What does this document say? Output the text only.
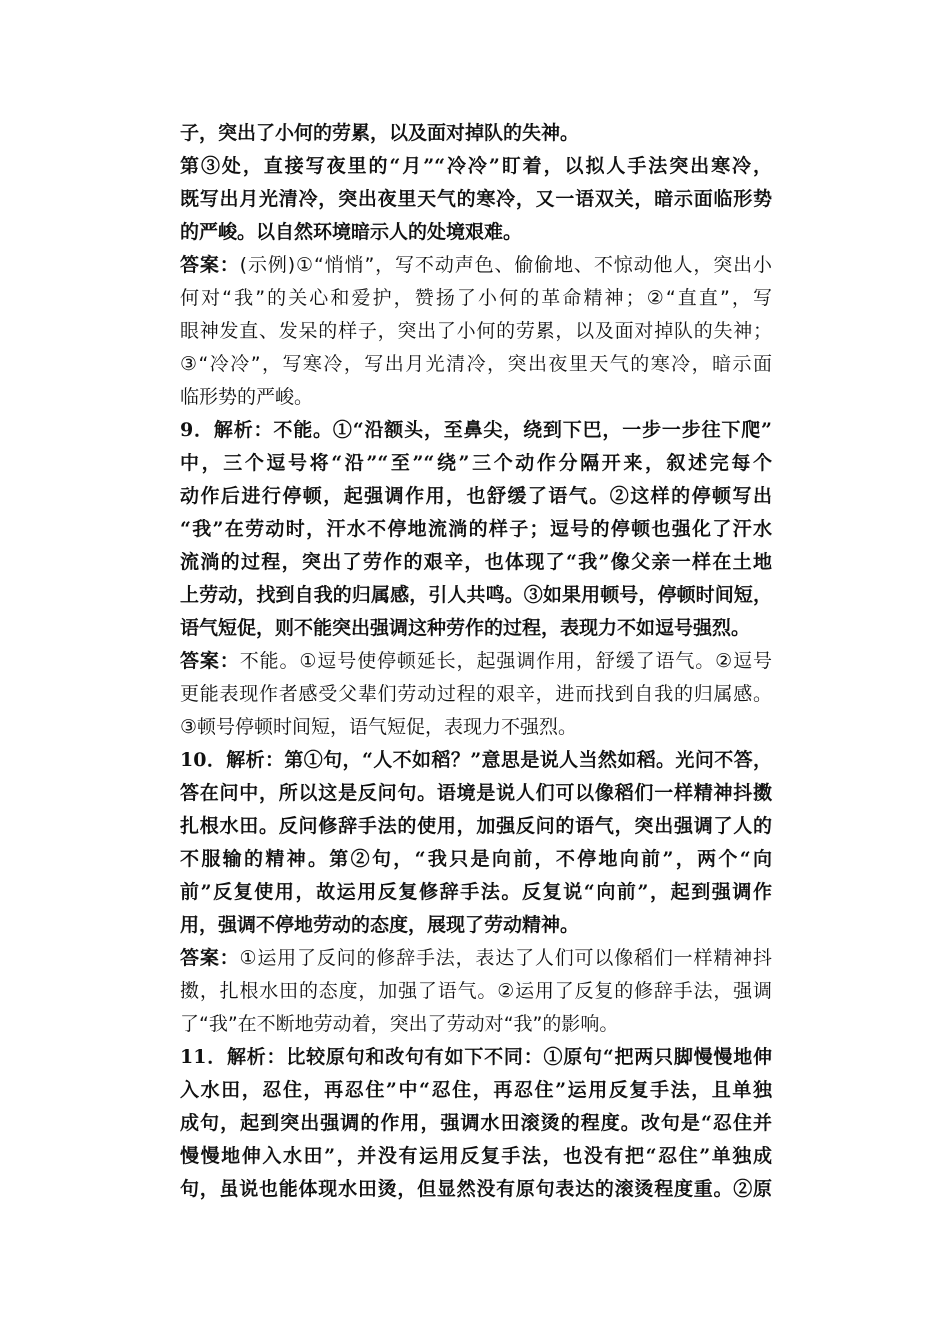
子，突出了小何的劳累，以及面对掉队的失神。
第③处，直接写夜里的“月”“冷冷”盯着，以拟人手法突出寒冷，
既写出月光清冷，突出夜里天气的寒冷，又一语双关，暗示面临形势
的严峻。以自然环境暗示人的处境艰难。
答案：(示例)①“悄悄”，写不动声色、偷偷地、不惊动他人，突出小
何对“我”的关心和爱护，赞扬了小何的革命精神；②“直直”，写
眼神发直、发呆的样子，突出了小何的劳累，以及面对掉队的失神；
③“冷冷”，写寒冷，写出月光清冷，突出夜里天气的寒冷，暗示面
临形势的严峻。
9．解析：不能。①“沿额头，至鼻尖，绕到下巴，一步一步往下爬”
中，三个逗号将“沿”“至”“绕”三个动作分隔开来，叙述完每个
动作后进行停顿，起强调作用，也舒缓了语气。②这样的停顿写出
“我”在劳动时，汗水不停地流淌的样子；逗号的停顿也强化了汗水
流淌的过程，突出了劳作的艰辛，也体现了“我”像父亲一样在土地
上劳动，找到自我的归属感，引人共鸣。③如果用顿号，停顿时间短，
语气短促，则不能突出强调这种劳作的过程，表现力不如逗号强烈。
答案：不能。①逗号使停顿延长，起强调作用，舒缓了语气。②逗号
更能表现作者感受父辈们劳动过程的艰辛，进而找到自我的归属感。
③顿号停顿时间短，语气短促，表现力不强烈。
10．解析：第①句，“人不如稻？”意思是说人当然如稻。光问不答，
答在问中，所以这是反问句。语境是说人们可以像稻们一样精神抖擞
扎根水田。反问修辞手法的使用，加强反问的语气，突出强调了人的
不服输的精神。第②句，“我只是向前，不停地向前”，两个“向
前”反复使用，故运用反复修辞手法。反复说“向前”，起到强调作
用，强调不停地劳动的态度，展现了劳动精神。
答案：①运用了反问的修辞手法，表达了人们可以像稻们一样精神抖
擞，扎根水田的态度，加强了语气。②运用了反复的修辞手法，强调
了“我”在不断地劳动着，突出了劳动对“我”的影响。
11．解析：比较原句和改句有如下不同：①原句“把两只脚慢慢地伸
入水田，忍住，再忍住”中“忍住，再忍住”运用反复手法，且单独
成句，起到突出强调的作用，强调水田滚烫的程度。改句是“忍住并
慢慢地伸入水田”，并没有运用反复手法，也没有把“忍住”单独成
句，虽说也能体现水田烫，但显然没有原句表达的滚烫程度重。②原
